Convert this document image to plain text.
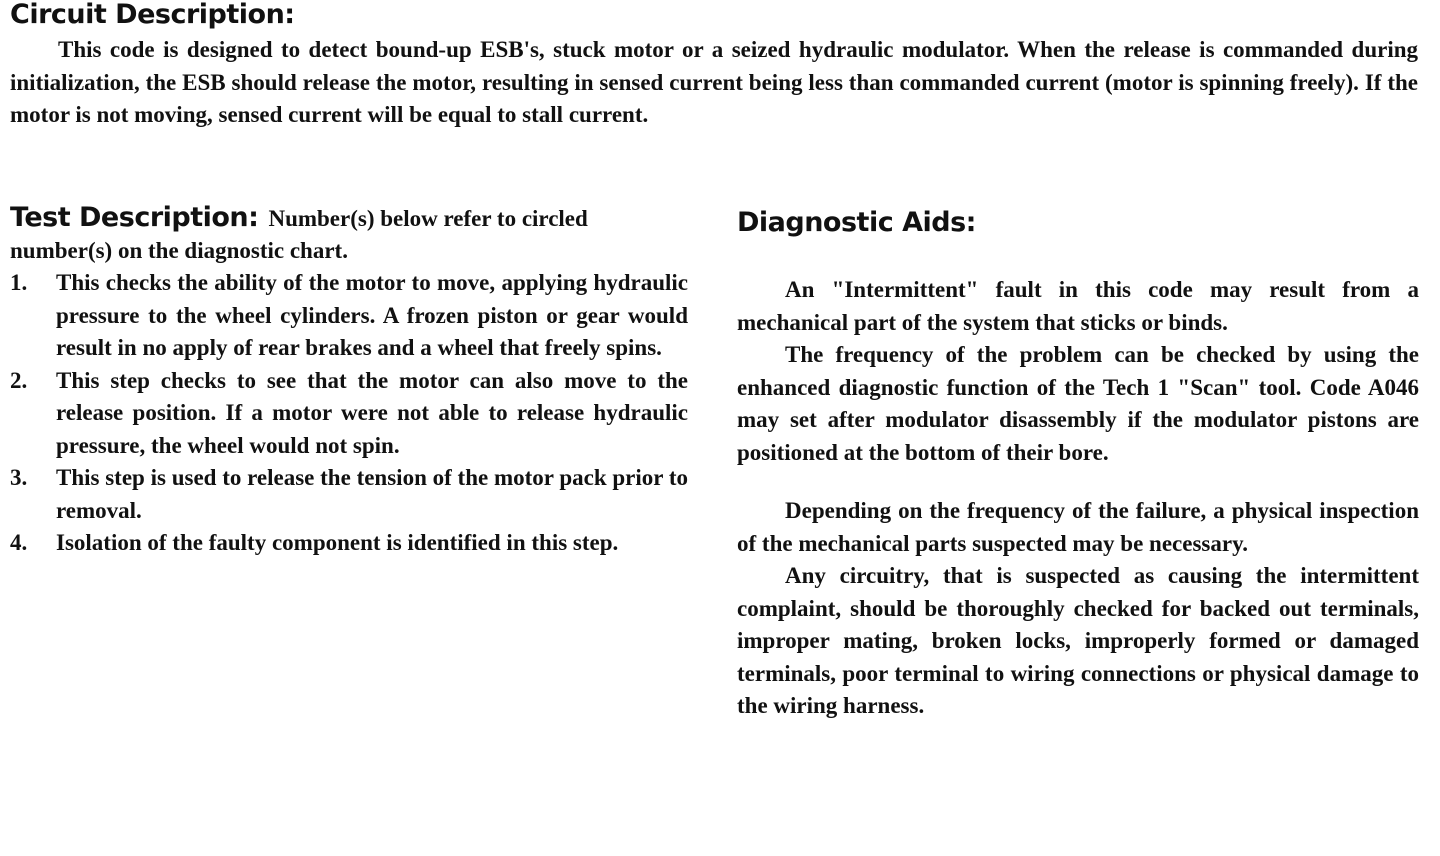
Circuit Description:

This code is designed to detect bound-up ESB's, stuck motor or a seized hydraulic modulator. When the release is commanded during initialization, the ESB should release the motor, resulting in sensed current being less than commanded current (motor is spinning freely). If the motor is not moving, sensed current will be equal to stall current.

Test Description: Number(s) below refer to circled number(s) on the diagnostic chart.

1. This checks the ability of the motor to move, applying hydraulic pressure to the wheel cylinders. A frozen piston or gear would result in no apply of rear brakes and a wheel that freely spins.
2. This step checks to see that the motor can also move to the release position. If a motor were not able to release hydraulic pressure, the wheel would not spin.
3. This step is used to release the tension of the motor pack prior to removal.
4. Isolation of the faulty component is identified in this step.
Diagnostic Aids:

An "Intermittent" fault in this code may result from a mechanical part of the system that sticks or binds.

The frequency of the problem can be checked by using the enhanced diagnostic function of the Tech 1 "Scan" tool. Code A046 may set after modulator disassembly if the modulator pistons are positioned at the bottom of their bore.

Depending on the frequency of the failure, a physical inspection of the mechanical parts suspected may be necessary.

Any circuitry, that is suspected as causing the intermittent complaint, should be thoroughly checked for backed out terminals, improper mating, broken locks, improperly formed or damaged terminals, poor terminal to wiring connections or physical damage to the wiring harness.
